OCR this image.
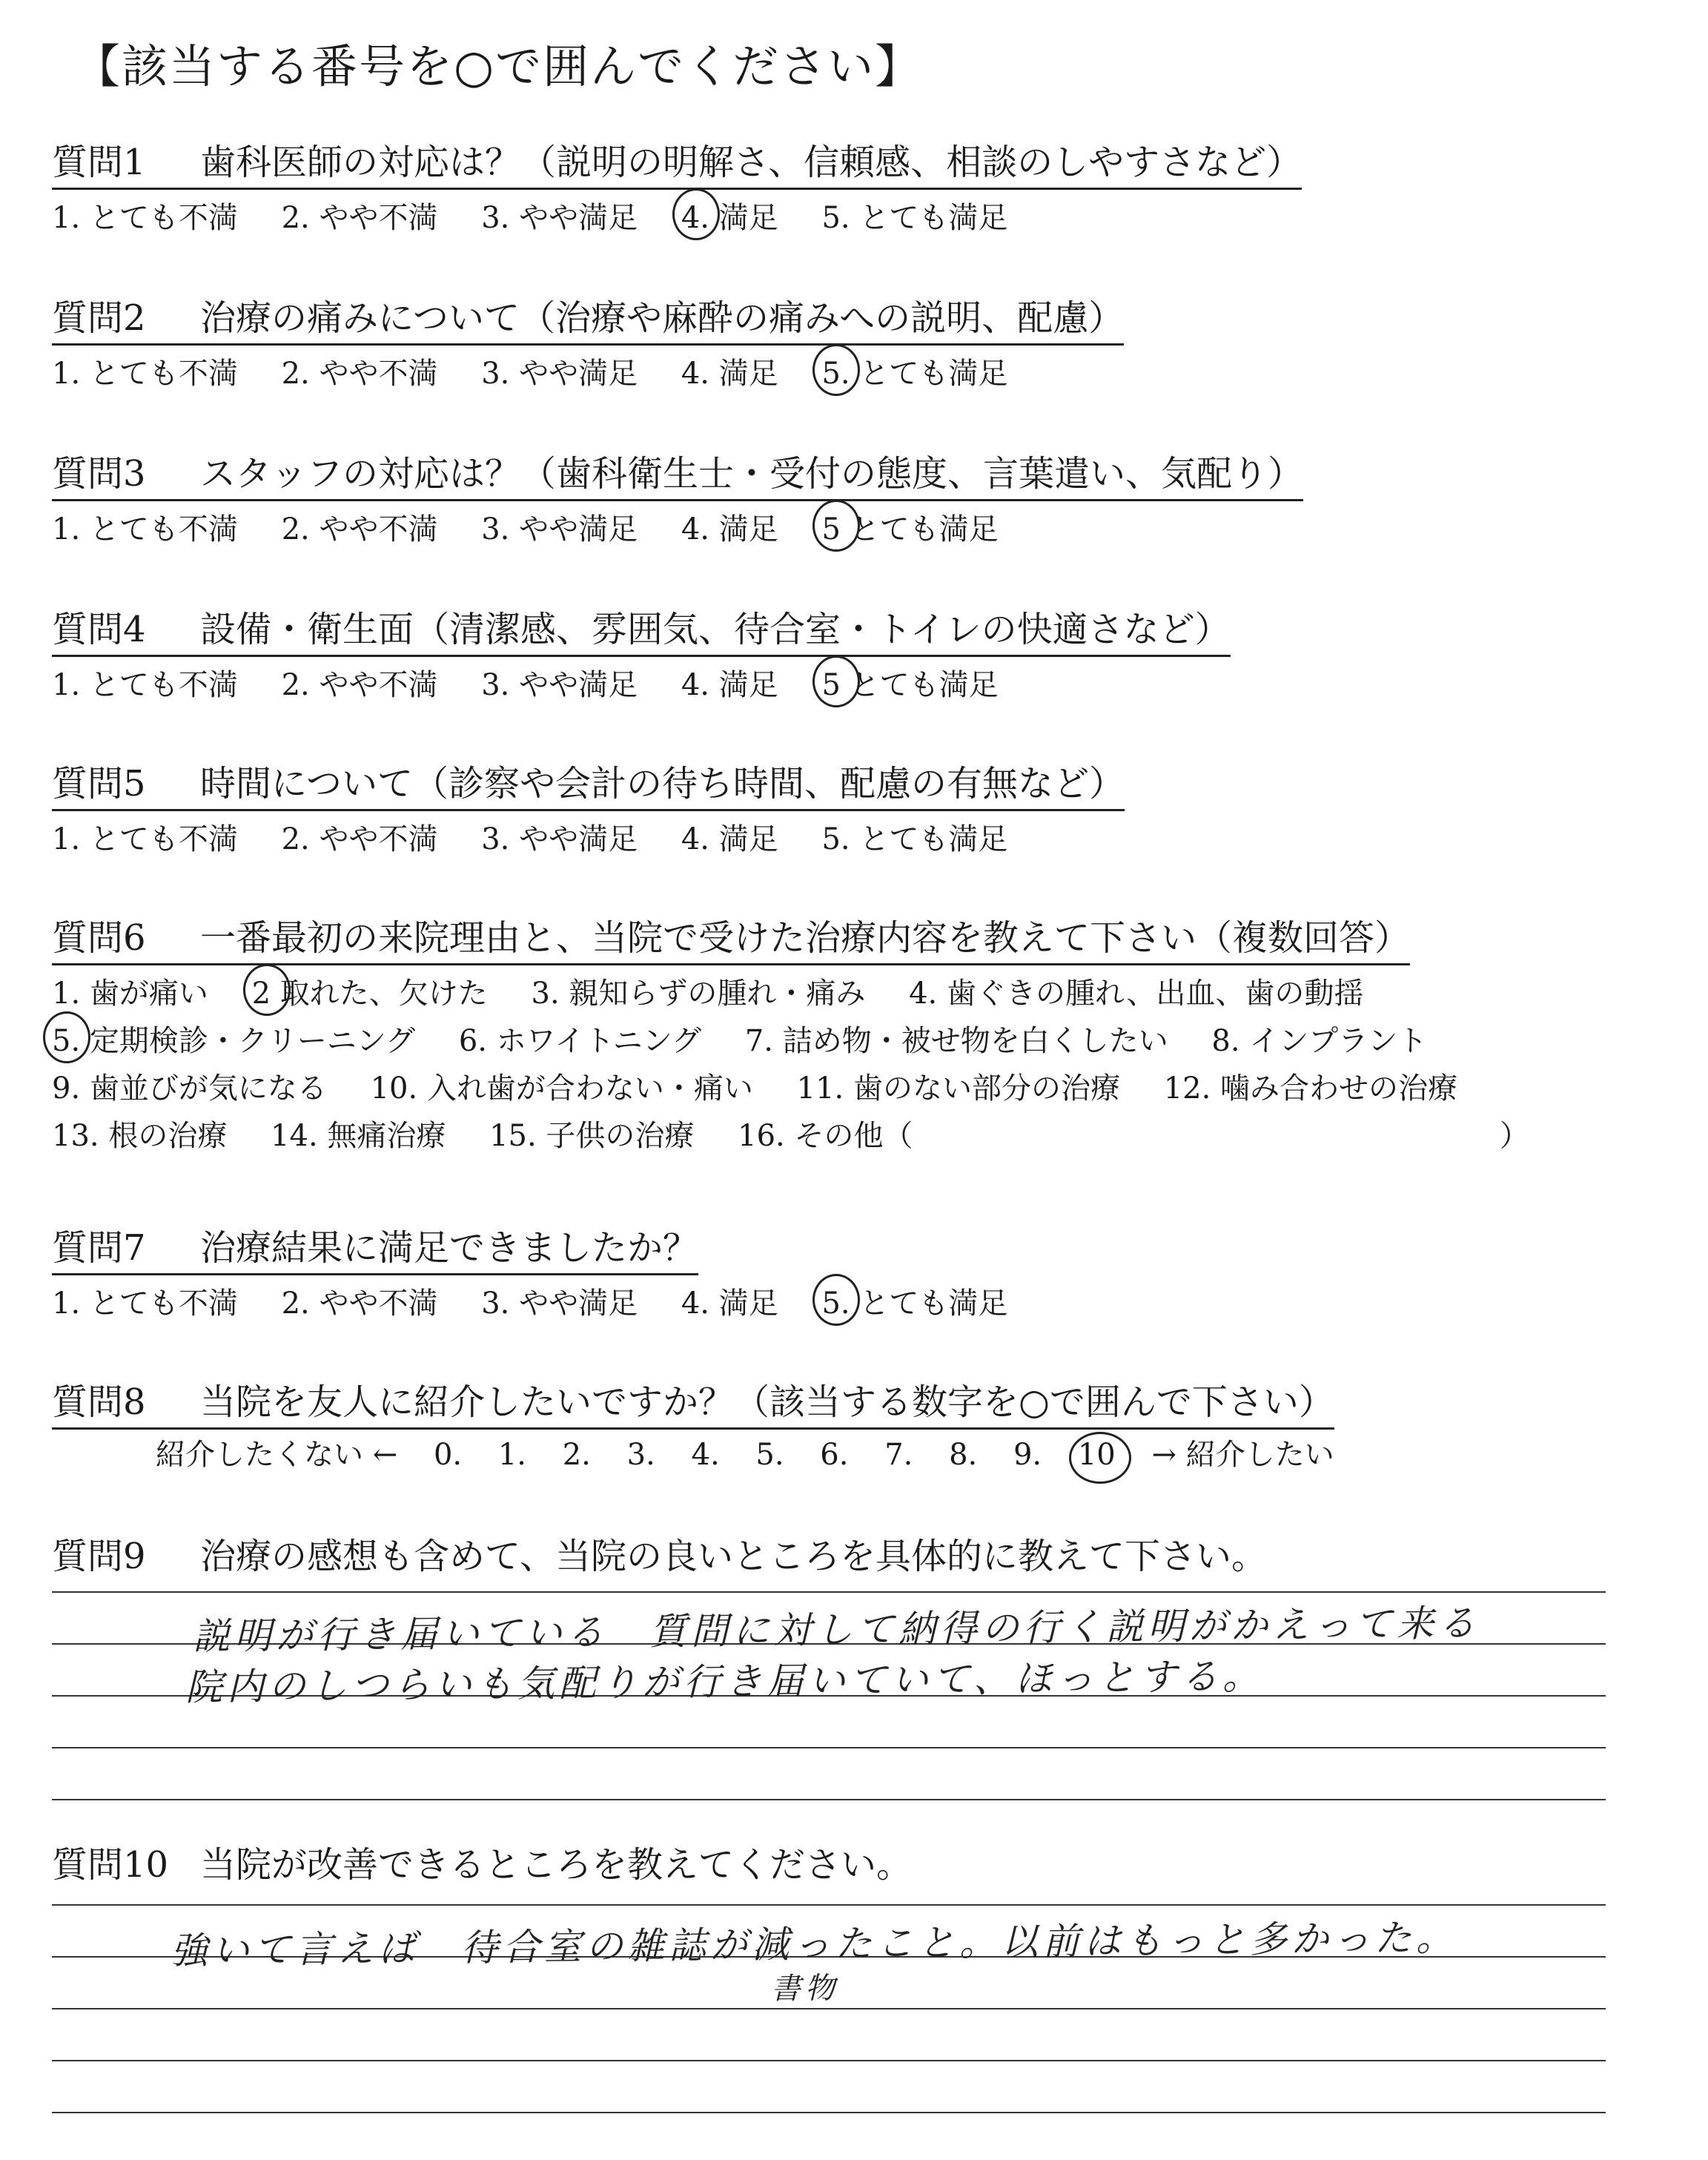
【該当する番号を○で囲んでください】
質問1 歯科医師の対応は？（説明の明解さ、信頼感、相談のしやすさなど）
1. とても不満 2. やや不満 3. やや満足 4. 満足 5. とても満足
質問2 治療の痛みについて（治療や麻酔の痛みへの説明、配慮）
1. とても不満 2. やや不満 3. やや満足 4. 満足 5. とても満足
質問3 スタッフの対応は？（歯科衛生士・受付の態度、言葉遣い、気配り）
1. とても不満 2. やや不満 3. やや満足 4. 満足 5 とても満足
質問4 設備・衛生面（清潔感、雰囲気、待合室・トイレの快適さなど）
1. とても不満 2. やや不満 3. やや満足 4. 満足 5 とても満足
質問5 時間について（診察や会計の待ち時間、配慮の有無など）
1. とても不満 2. やや不満 3. やや満足 4. 満足 5. とても満足
質問6 一番最初の来院理由と、当院で受けた治療内容を教えて下さい（複数回答）
1. 歯が痛い 2 取れた、欠けた 3. 親知らずの腫れ・痛み 4. 歯ぐきの腫れ、出血、歯の動揺
5. 定期検診・クリーニング 6. ホワイトニング 7. 詰め物・被せ物を白くしたい 8. インプラント
9. 歯並びが気になる 10. 入れ歯が合わない・痛い 11. 歯のない部分の治療 12. 噛み合わせの治療
13. 根の治療 14. 無痛治療 15. 子供の治療 16. その他（	）
質問7 治療結果に満足できましたか？
1. とても不満 2. やや不満 3. やや満足 4. 満足 5. とても満足
質問8 当院を友人に紹介したいですか？（該当する数字を○で囲んで下さい）
紹介したくない ← 0. 1. 2. 3. 4. 5. 6. 7. 8. 9. 10 → 紹介したい
質問9 治療の感想も含めて、当院の良いところを具体的に教えて下さい。
説明が行き届いている　質問に対して納得の行く説明がかえって来る
院内のしつらいも気配りが行き届いていて、ほっとする。
質問10 当院が改善できるところを教えてください。
強いて言えば　待合室の雑誌が減ったこと。以前はもっと多かった。
書物
